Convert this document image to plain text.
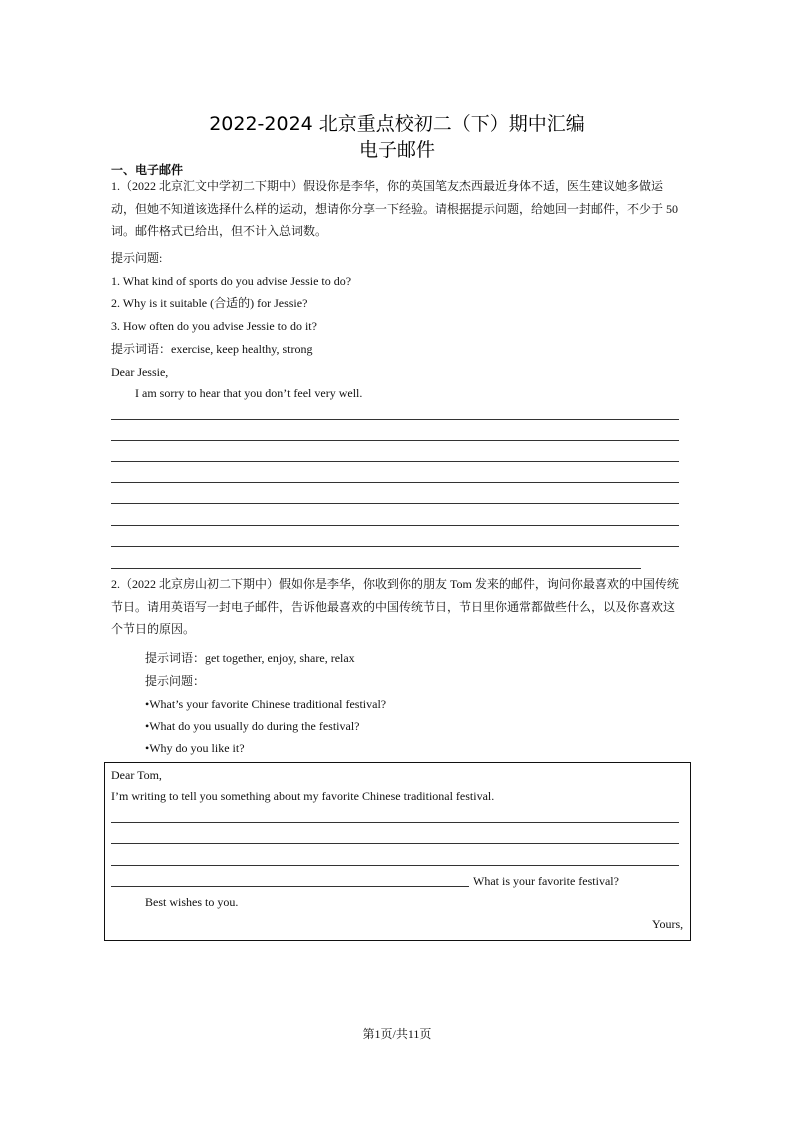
2022-2024 北京重点校初二（下）期中汇编
电子邮件
一、电子邮件
1.（2022 北京汇文中学初二下期中）假设你是李华，你的英国笔友杰西最近身体不适，医生建议她多做运动，但她不知道该选择什么样的运动，想请你分享一下经验。请根据提示问题，给她回一封邮件，不少于 50 词。邮件格式已给出，但不计入总词数。
提示问题:
1. What kind of sports do you advise Jessie to do?
2. Why is it suitable (合适的) for Jessie?
3. How often do you advise Jessie to do it?
提示词语：exercise, keep healthy, strong
Dear Jessie,
I am sorry to hear that you don’t feel very well.
2.（2022 北京房山初二下期中）假如你是李华，你收到你的朋友 Tom 发来的邮件，询问你最喜欢的中国传统节日。请用英语写一封电子邮件，告诉他最喜欢的中国传统节日，节日里你通常都做些什么，以及你喜欢这个节日的原因。
提示词语：get together, enjoy, share, relax
提示问题：
•What’s your favorite Chinese traditional festival?
•What do you usually do during the festival?
•Why do you like it?
Dear Tom,
I’m writing to tell you something about my favorite Chinese traditional festival.
What is your favorite festival?
Best wishes to you.
Yours,
第1页/共11页
